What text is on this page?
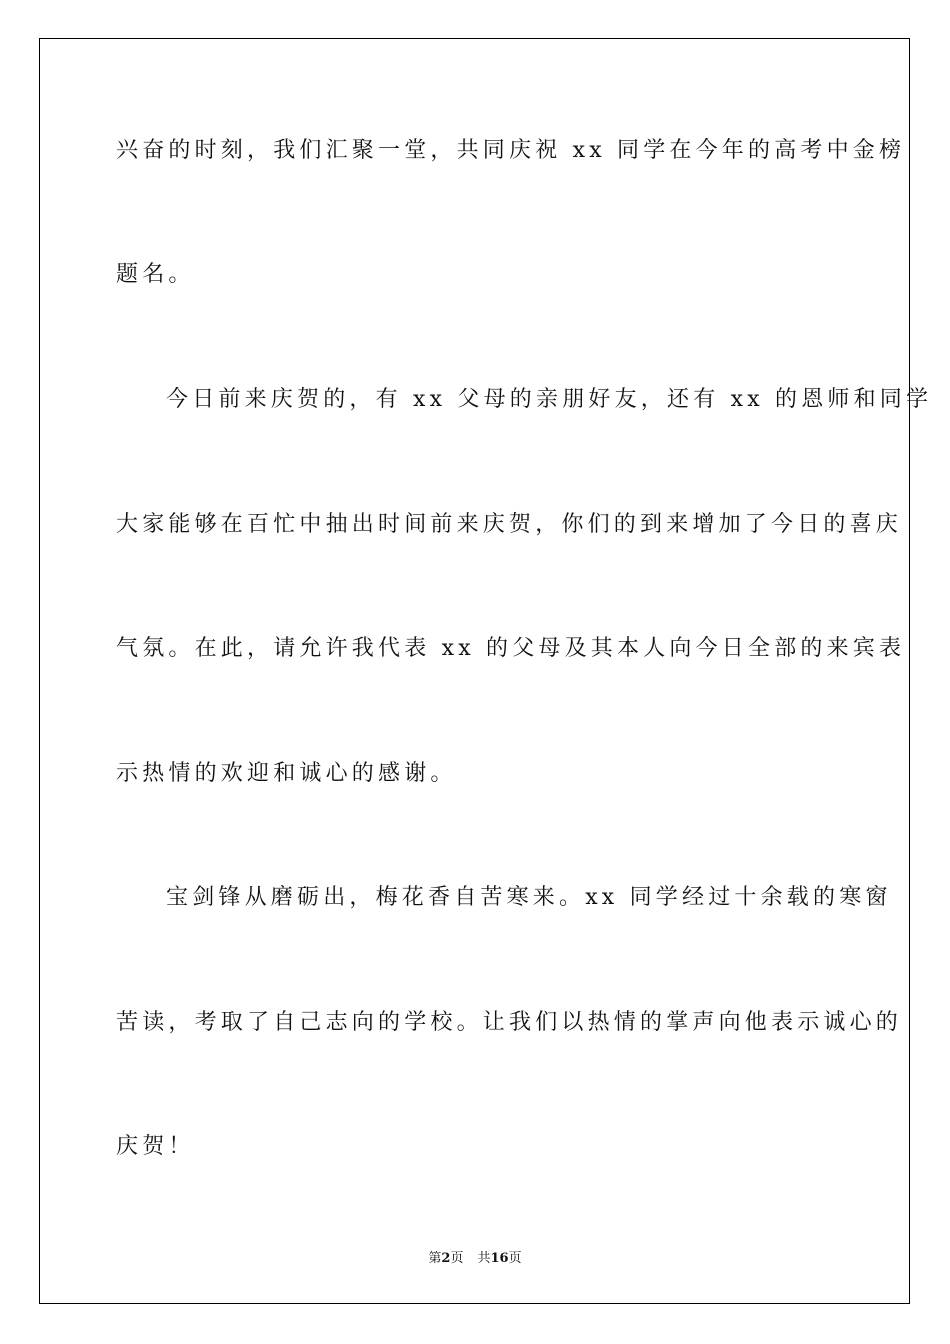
兴奋的时刻，我们汇聚一堂，共同庆祝 xx 同学在今年的高考中金榜
题名。
今日前来庆贺的，有 xx 父母的亲朋好友，还有 xx 的恩师和同学
大家能够在百忙中抽出时间前来庆贺，你们的到来增加了今日的喜庆
气氛。在此，请允许我代表 xx 的父母及其本人向今日全部的来宾表
示热情的欢迎和诚心的感谢。
宝剑锋从磨砺出，梅花香自苦寒来。xx 同学经过十余载的寒窗
苦读，考取了自己志向的学校。让我们以热情的掌声向他表示诚心的
庆贺！
第2页 共16页
